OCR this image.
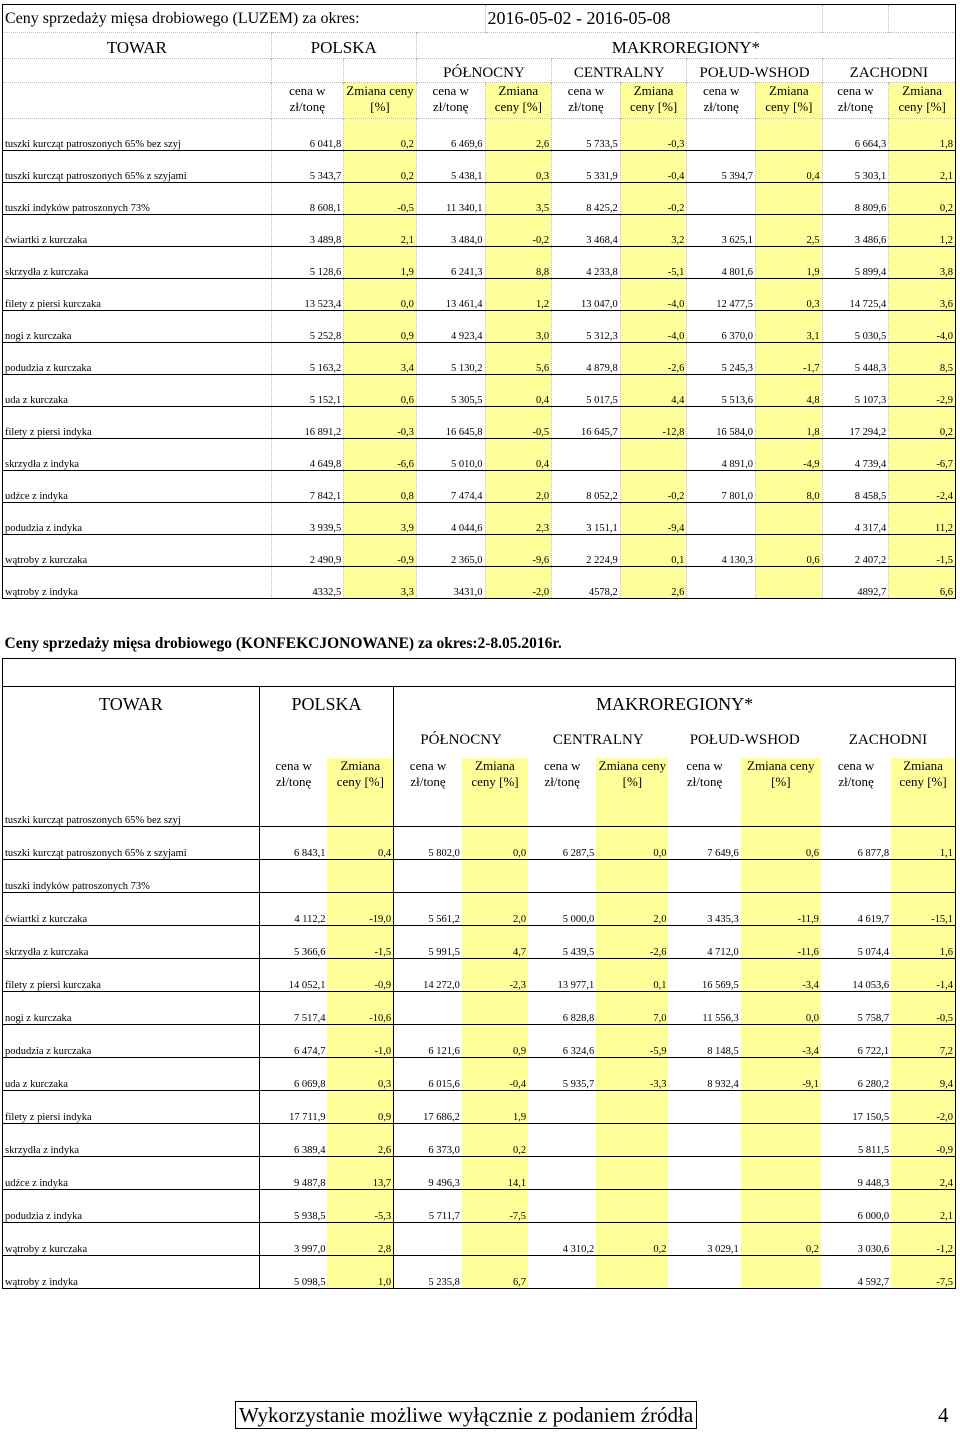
Ceny sprzedaży mięsa drobiowego (LUZEM) za okres:				2016-05-02 - 2016-05-08						
TOWAR	POLSKA		MAKROREGIONY*							
			PÓŁNOCNY		CENTRALNY		POŁUD-WSHOD		ZACHODNI	
	cena w zł/tonę	Zmiana ceny [%]	cena w zł/tonę	Zmiana ceny [%]	cena w zł/tonę	Zmiana ceny [%]	cena w zł/tonę	Zmiana ceny [%]	cena w zł/tonę	Zmiana ceny [%]
tuszki kurcząt patroszonych 65% bez szyj	6 041,8	0,2	6 469,6	2,6	5 733,5	-0,3			6 664,3	1,8
tuszki kurcząt patroszonych 65% z szyjami	5 343,7	0,2	5 438,1	0,3	5 331,9	-0,4	5 394,7	0,4	5 303,1	2,1
tuszki indyków patroszonych 73%	8 608,1	-0,5	11 340,1	3,5	8 425,2	-0,2			8 809,6	0,2
ćwiartki z kurczaka	3 489,8	2,1	3 484,0	-0,2	3 468,4	3,2	3 625,1	2,5	3 486,6	1,2
skrzydła z kurczaka	5 128,6	1,9	6 241,3	8,8	4 233,8	-5,1	4 801,6	1,9	5 899,4	3,8
filety z piersi kurczaka	13 523,4	0,0	13 461,4	1,2	13 047,0	-4,0	12 477,5	0,3	14 725,4	3,6
nogi z kurczaka	5 252,8	0,9	4 923,4	3,0	5 312,3	-4,0	6 370,0	3,1	5 030,5	-4,0
podudzia z kurczaka	5 163,2	3,4	5 130,2	5,6	4 879,8	-2,6	5 245,3	-1,7	5 448,3	8,5
uda z kurczaka	5 152,1	0,6	5 305,5	0,4	5 017,5	4,4	5 513,6	4,8	5 107,3	-2,9
filety z piersi indyka	16 891,2	-0,3	16 645,8	-0,5	16 645,7	-12,8	16 584,0	1,8	17 294,2	0,2
skrzydła z indyka	4 649,8	-6,6	5 010,0	0,4			4 891,0	-4,9	4 739,4	-6,7
udźce z indyka	7 842,1	0,8	7 474,4	2,0	8 052,2	-0,2	7 801,0	8,0	8 458,5	-2,4
podudzia z indyka	3 939,5	3,9	4 044,6	2,3	3 151,1	-9,4			4 317,4	11,2
wątroby z kurczaka	2 490,9	-0,9	2 365,0	-9,6	2 224,9	0,1	4 130,3	0,6	2 407,2	-1,5
wątroby z indyka	4332,5	3,3	3431,0	-2,0	4578,2	2,6			4892,7	6,6
Ceny sprzedaży mięsa drobiowego (KONFEKCJONOWANE) za okres:2-8.05.2016r.										

TOWAR	POLSKA		MAKROREGIONY*							
			PÓŁNOCNY		CENTRALNY		POŁUD-WSHOD		ZACHODNI	
	cena w zł/tonę	Zmiana ceny [%]	cena w zł/tonę	Zmiana ceny [%]	cena w zł/tonę	Zmiana ceny [%]	cena w zł/tonę	Zmiana ceny [%]	cena w zł/tonę	Zmiana ceny [%]
tuszki kurcząt patroszonych 65% bez szyj										
tuszki kurcząt patroszonych 65% z szyjami	6 843,1	0,4	5 802,0	0,0	6 287,5	0,0	7 649,6	0,6	6 877,8	1,1
tuszki indyków patroszonych 73%										
ćwiartki z kurczaka	4 112,2	-19,0	5 561,2	2,0	5 000,0	2,0	3 435,3	-11,9	4 619,7	-15,1
skrzydła z kurczaka	5 366,6	-1,5	5 991,5	4,7	5 439,5	-2,6	4 712,0	-11,6	5 074,4	1,6
filety z piersi kurczaka	14 052,1	-0,9	14 272,0	-2,3	13 977,1	0,1	16 569,5	-3,4	14 053,6	-1,4
nogi z kurczaka	7 517,4	-10,6			6 828,8	7,0	11 556,3	0,0	5 758,7	-0,5
podudzia z kurczaka	6 474,7	-1,0	6 121,6	0,9	6 324,6	-5,9	8 148,5	-3,4	6 722,1	7,2
uda z kurczaka	6 069,8	0,3	6 015,6	-0,4	5 935,7	-3,3	8 932,4	-9,1	6 280,2	9,4
filety z piersi indyka	17 711,9	0,9	17 686,2	1,9					17 150,5	-2,0
skrzydła z indyka	6 389,4	2,6	6 373,0	0,2					5 811,5	-0,9
udźce z indyka	9 487,8	13,7	9 496,3	14,1					9 448,3	2,4
podudzia z indyka	5 938,5	-5,3	5 711,7	-7,5					6 000,0	2,1
wątroby z kurczaka	3 997,0	2,8			4 310,2	0,2	3 029,1	0,2	3 030,6	-1,2
wątroby z indyka	5 098,5	1,0	5 235,8	6,7					4 592,7	-7,5
Wykorzystanie możliwe wyłącznie z podaniem źródła	4
